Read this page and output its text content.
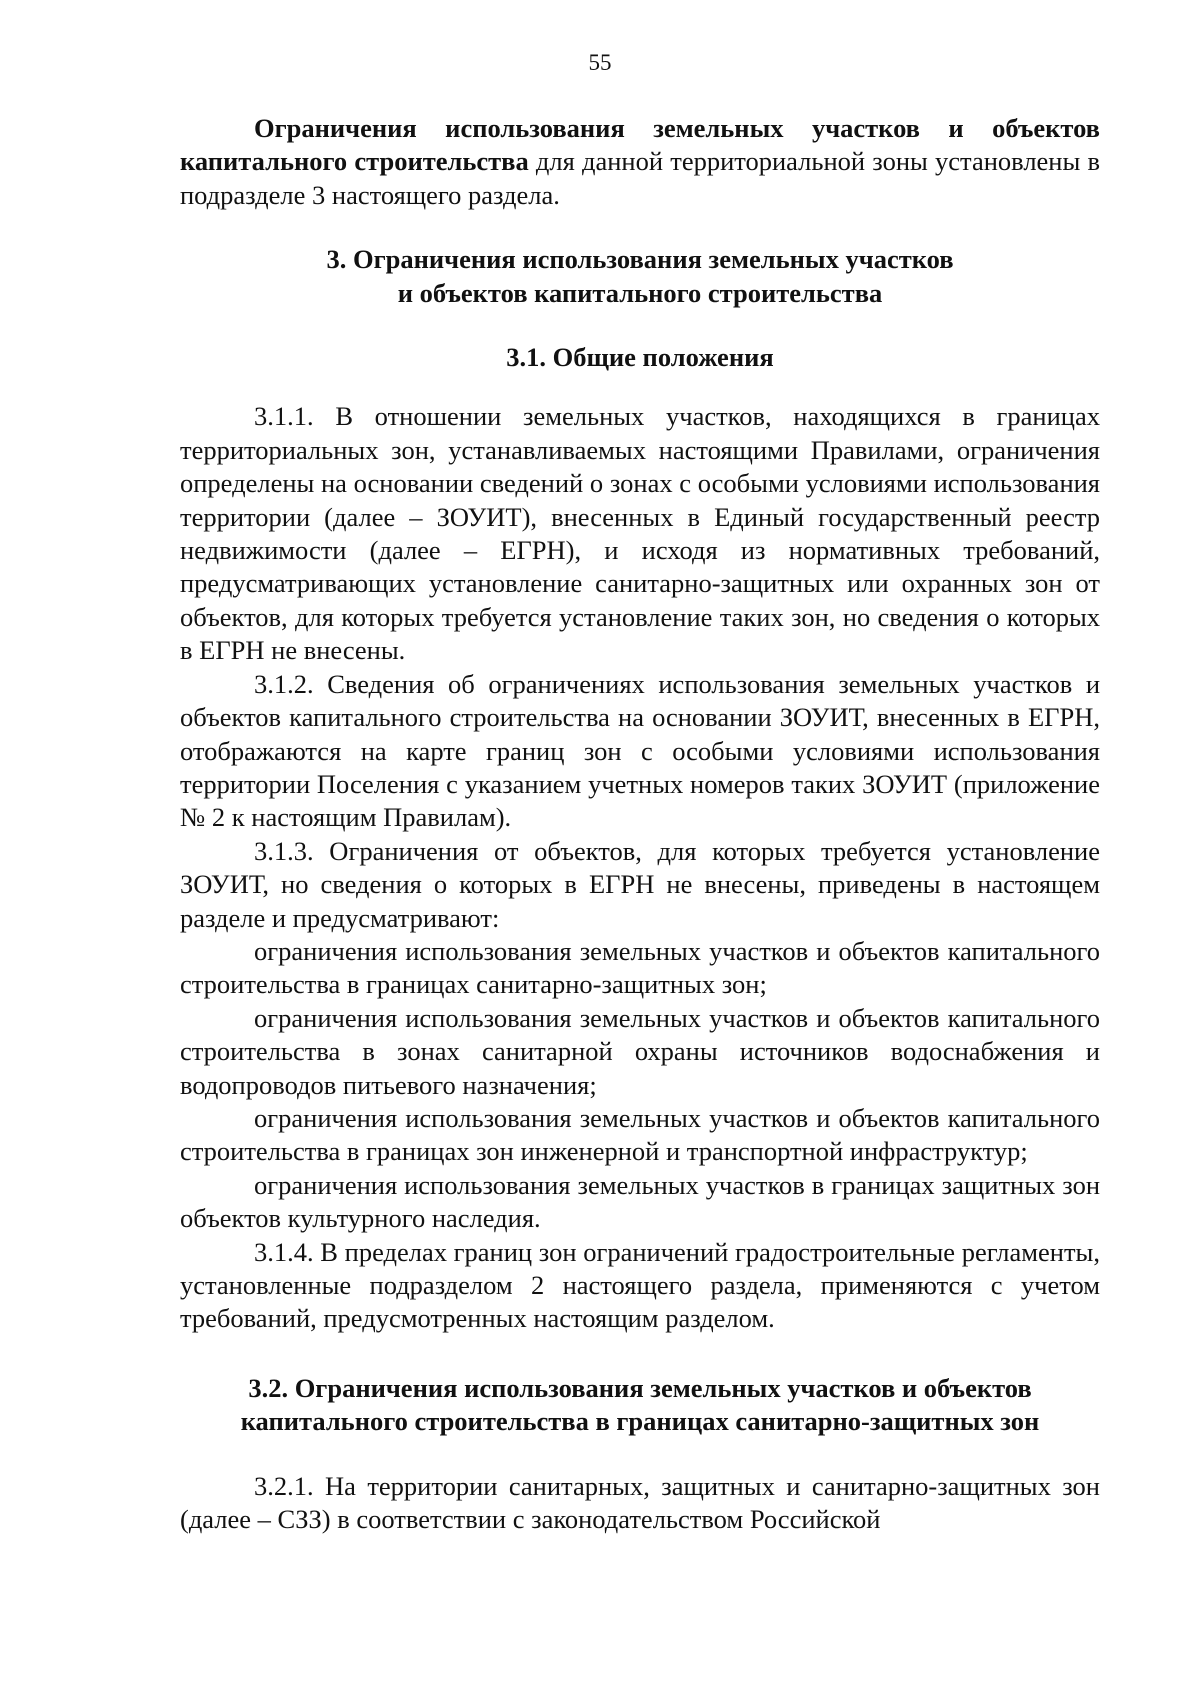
55

Ограничения использования земельных участков и объектов капитального строительства для данной территориальной зоны установлены в подразделе 3 настоящего раздела.

3. Ограничения использования земельных участков
и объектов капитального строительства
3.1. Общие положения

3.1.1. В отношении земельных участков, находящихся в границах территориальных зон, устанавливаемых настоящими Правилами, ограничения определены на основании сведений о зонах с особыми условиями использования территории (далее – ЗОУИТ), внесенных в Единый государственный реестр недвижимости (далее – ЕГРН), и исходя из нормативных требований, предусматривающих установление санитарно-защитных или охранных зон от объектов, для которых требуется установление таких зон, но сведения о которых в ЕГРН не внесены.

3.1.2. Сведения об ограничениях использования земельных участков и объектов капитального строительства на основании ЗОУИТ, внесенных в ЕГРН, отображаются на карте границ зон с особыми условиями использования территории Поселения с указанием учетных номеров таких ЗОУИТ (приложение № 2 к настоящим Правилам).

3.1.3. Ограничения от объектов, для которых требуется установление ЗОУИТ, но сведения о которых в ЕГРН не внесены, приведены в настоящем разделе и предусматривают:

ограничения использования земельных участков и объектов капитального строительства в границах санитарно-защитных зон;

ограничения использования земельных участков и объектов капитального строительства в зонах санитарной охраны источников водоснабжения и водопроводов питьевого назначения;

ограничения использования земельных участков и объектов капитального строительства в границах зон инженерной и транспортной инфраструктур;

ограничения использования земельных участков в границах защитных зон объектов культурного наследия.

3.1.4. В пределах границ зон ограничений градостроительные регламенты, установленные подразделом 2 настоящего раздела, применяются с учетом требований, предусмотренных настоящим разделом.

3.2. Ограничения использования земельных участков и объектов
капитального строительства в границах санитарно-защитных зон

3.2.1. На территории санитарных, защитных и санитарно-защитных зон (далее – СЗЗ) в соответствии с законодательством Российской
